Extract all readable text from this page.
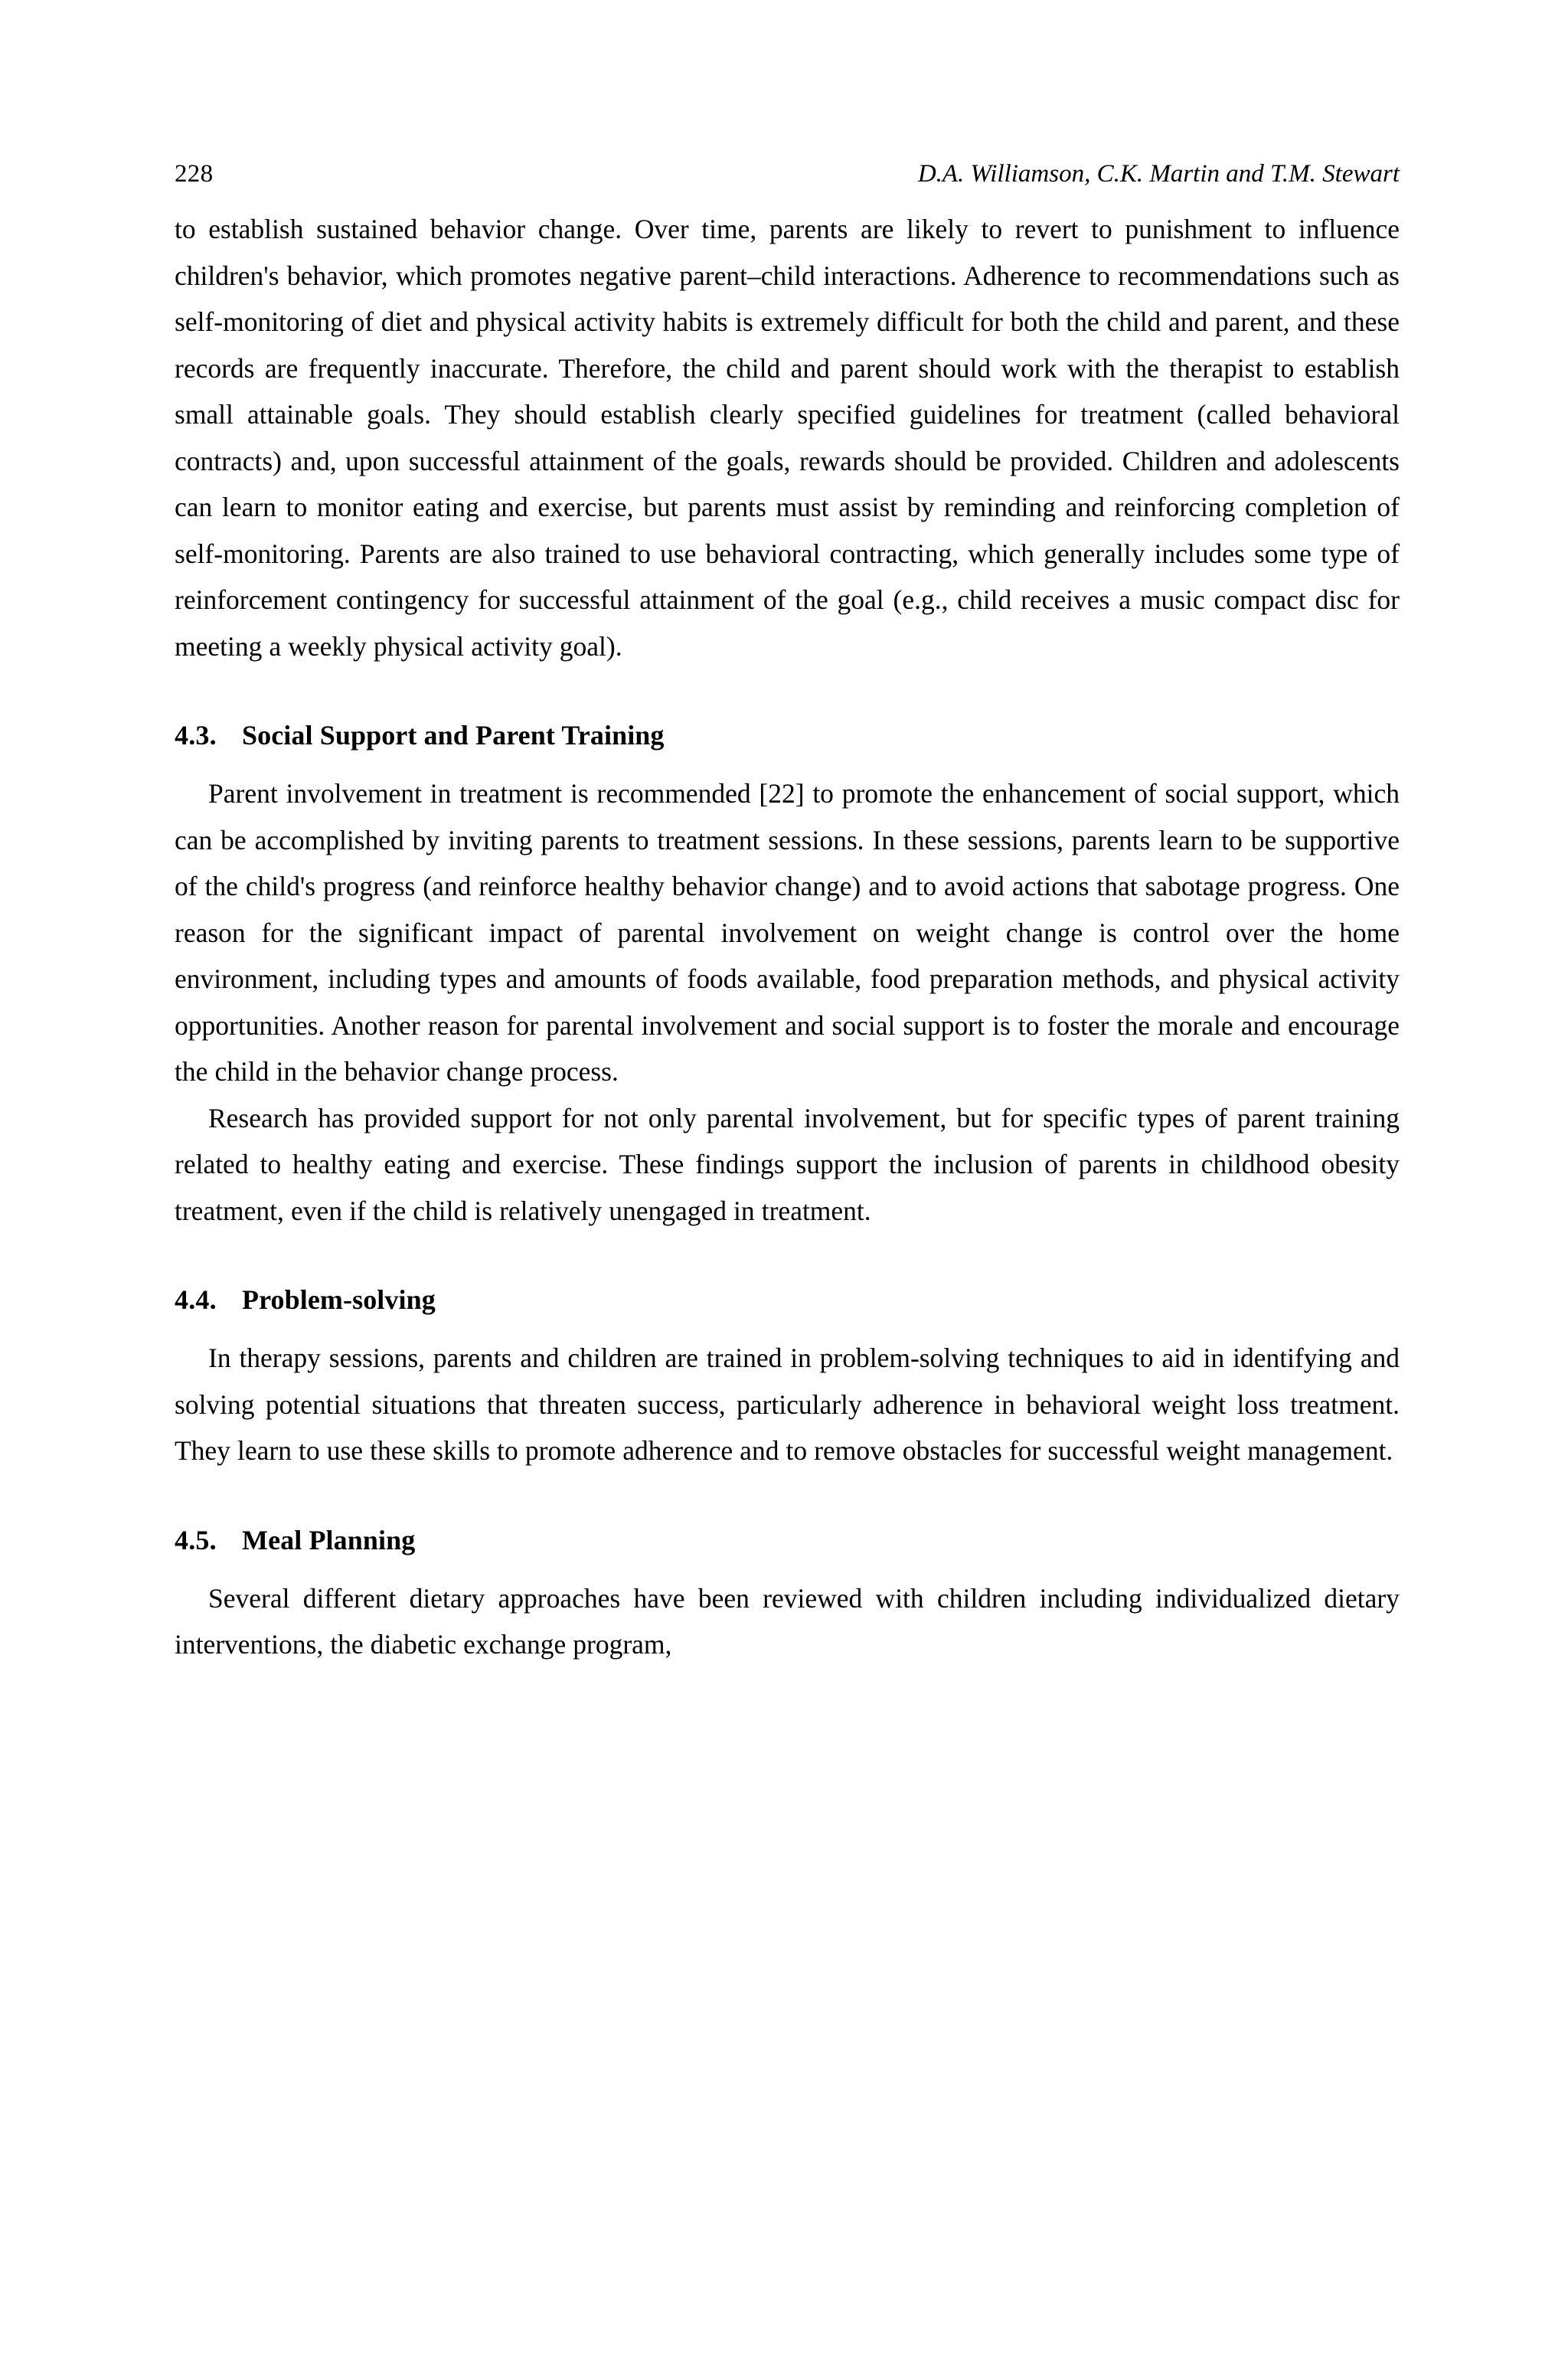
228	D.A. Williamson, C.K. Martin and T.M. Stewart

to establish sustained behavior change. Over time, parents are likely to revert to punishment to influence children's behavior, which promotes negative parent–child interactions. Adherence to recommendations such as self-monitoring of diet and physical activity habits is extremely difficult for both the child and parent, and these records are frequently inaccurate. Therefore, the child and parent should work with the therapist to establish small attainable goals. They should establish clearly specified guidelines for treatment (called behavioral contracts) and, upon successful attainment of the goals, rewards should be provided. Children and adolescents can learn to monitor eating and exercise, but parents must assist by reminding and reinforcing completion of self-monitoring. Parents are also trained to use behavioral contracting, which generally includes some type of reinforcement contingency for successful attainment of the goal (e.g., child receives a music compact disc for meeting a weekly physical activity goal).

4.3. Social Support and Parent Training

Parent involvement in treatment is recommended [22] to promote the enhancement of social support, which can be accomplished by inviting parents to treatment sessions. In these sessions, parents learn to be supportive of the child's progress (and reinforce healthy behavior change) and to avoid actions that sabotage progress. One reason for the significant impact of parental involvement on weight change is control over the home environment, including types and amounts of foods available, food preparation methods, and physical activity opportunities. Another reason for parental involvement and social support is to foster the morale and encourage the child in the behavior change process.

Research has provided support for not only parental involvement, but for specific types of parent training related to healthy eating and exercise. These findings support the inclusion of parents in childhood obesity treatment, even if the child is relatively unengaged in treatment.

4.4. Problem-solving

In therapy sessions, parents and children are trained in problem-solving techniques to aid in identifying and solving potential situations that threaten success, particularly adherence in behavioral weight loss treatment. They learn to use these skills to promote adherence and to remove obstacles for successful weight management.

4.5. Meal Planning

Several different dietary approaches have been reviewed with children including individualized dietary interventions, the diabetic exchange program,
